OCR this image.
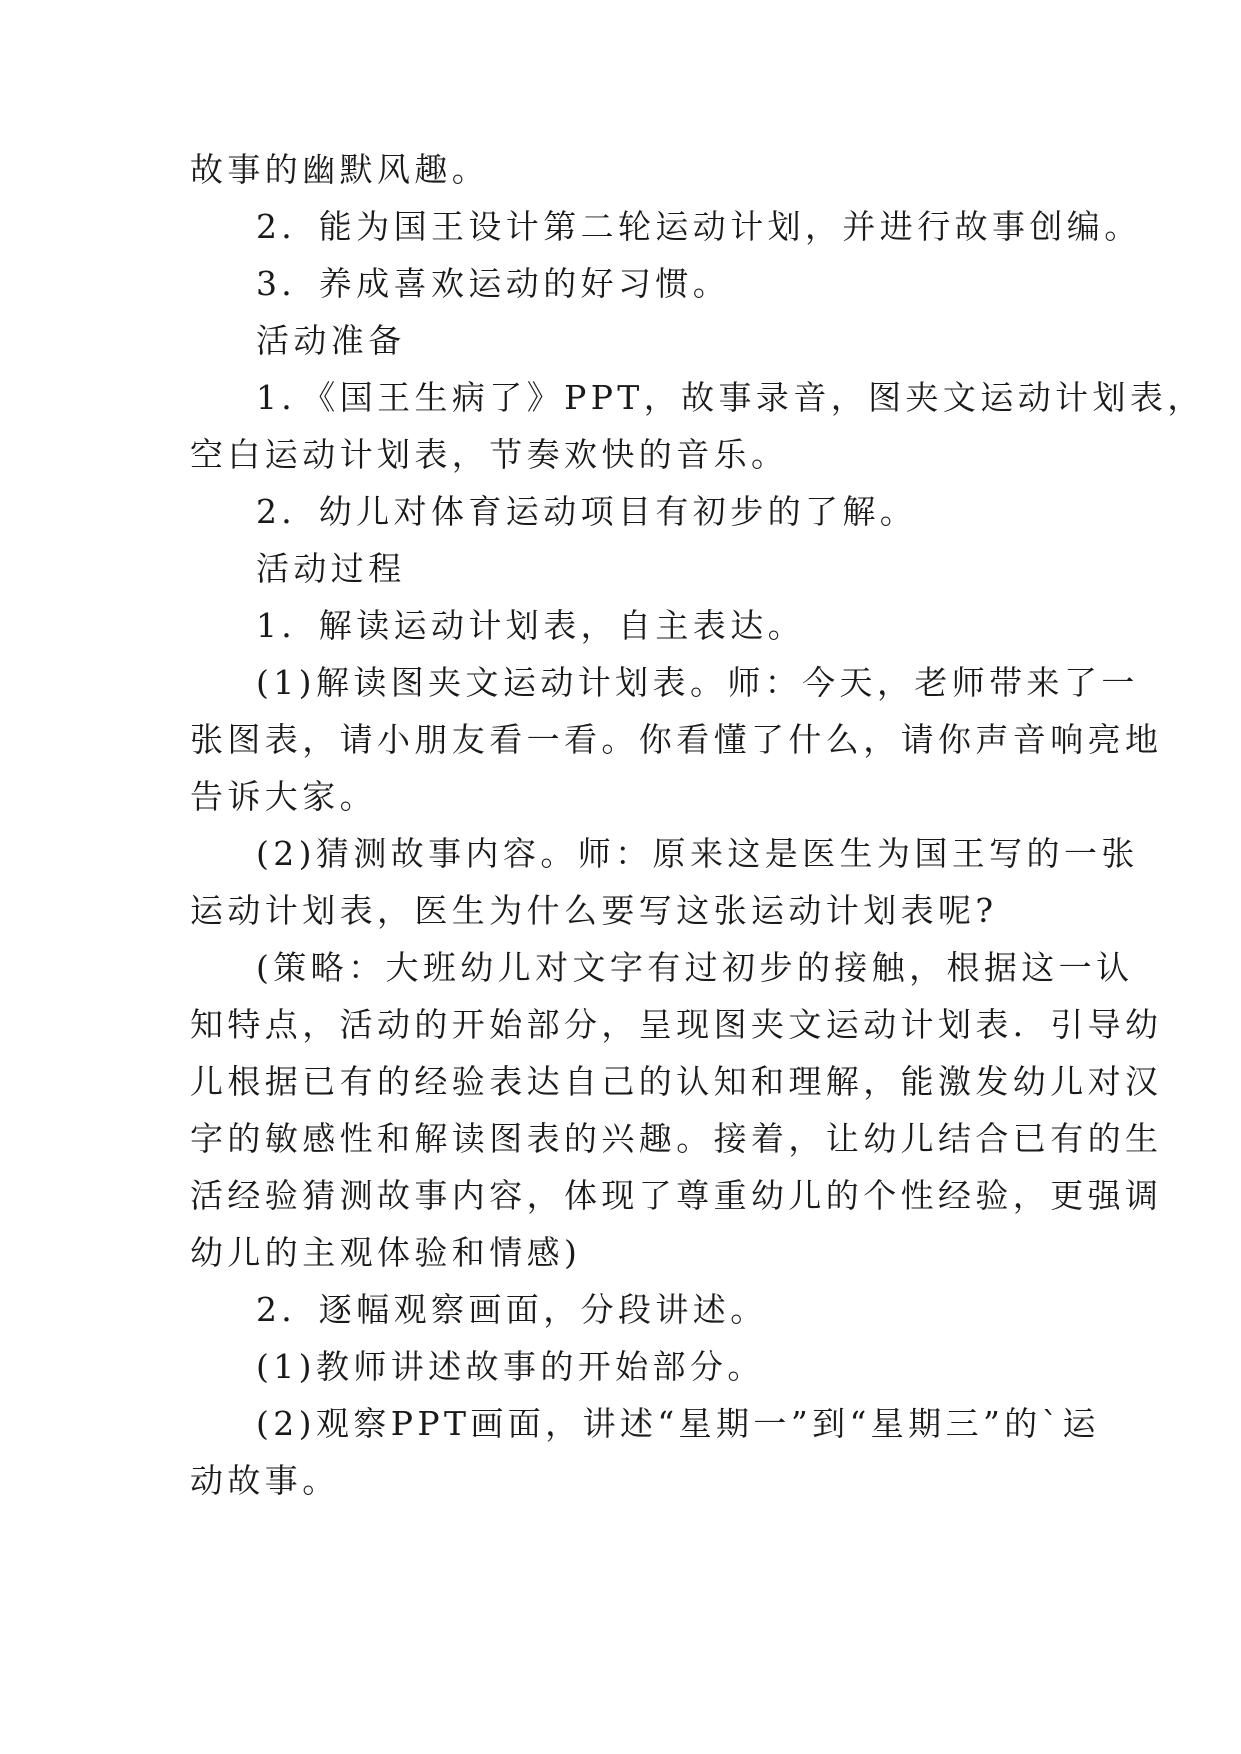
故事的幽默风趣。
2．能为国王设计第二轮运动计划，并进行故事创编。
3．养成喜欢运动的好习惯。
活动准备
1．《国王生病了》PPT，故事录音，图夹文运动计划表，
空白运动计划表，节奏欢快的音乐。
2．幼儿对体育运动项目有初步的了解。
活动过程
1．解读运动计划表，自主表达。
(1)解读图夹文运动计划表。师：今天，老师带来了一
张图表，请小朋友看一看。你看懂了什么，请你声音响亮地
告诉大家。
(2)猜测故事内容。师：原来这是医生为国王写的一张
运动计划表，医生为什么要写这张运动计划表呢?
(策略：大班幼儿对文字有过初步的接触，根据这一认
知特点，活动的开始部分，呈现图夹文运动计划表．引导幼
儿根据已有的经验表达自己的认知和理解，能激发幼儿对汉
字的敏感性和解读图表的兴趣。接着，让幼儿结合已有的生
活经验猜测故事内容，体现了尊重幼儿的个性经验，更强调
幼儿的主观体验和情感)
2．逐幅观察画面，分段讲述。
(1)教师讲述故事的开始部分。
(2)观察PPT画面，讲述“星期一”到“星期三”的`运
动故事。
